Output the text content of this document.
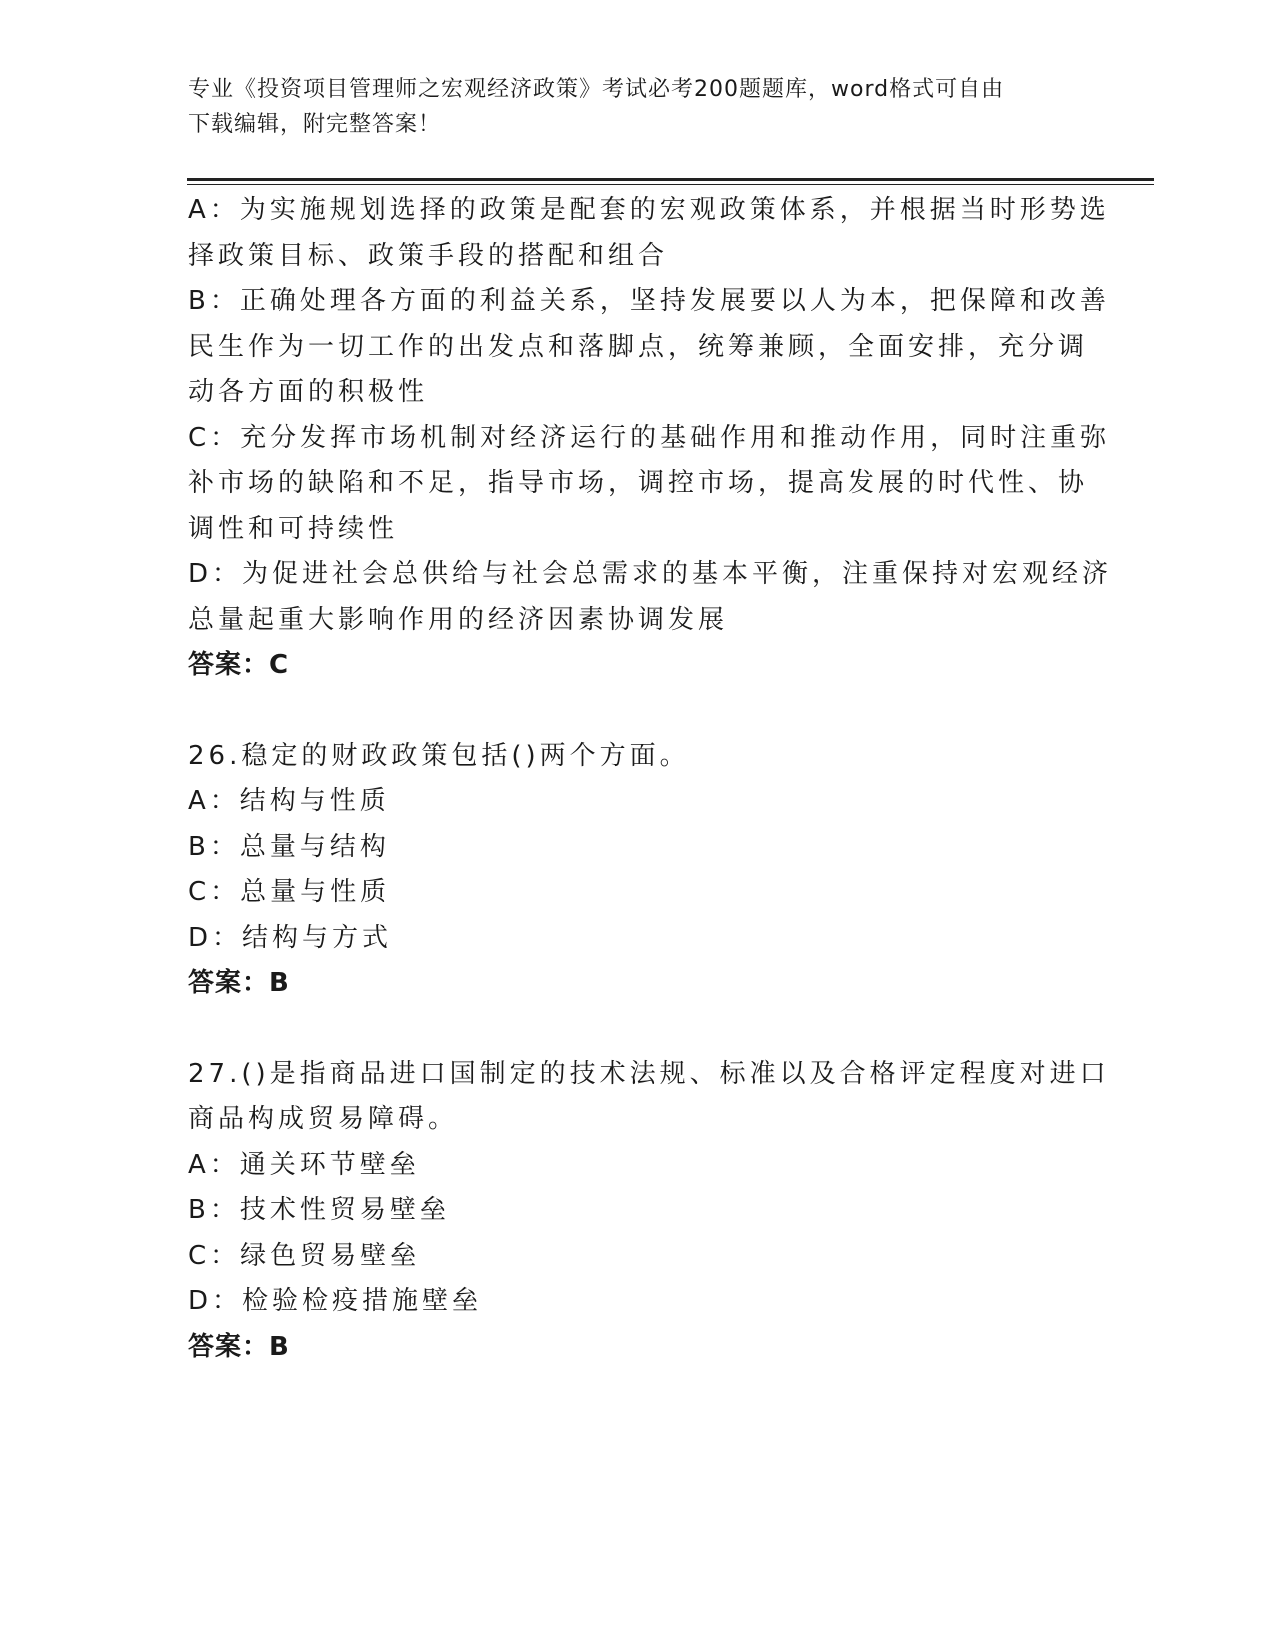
专业《投资项目管理师之宏观经济政策》考试必考200题题库，word格式可自由
下载编辑，附完整答案！
A：为实施规划选择的政策是配套的宏观政策体系，并根据当时形势选
择政策目标、政策手段的搭配和组合
B：正确处理各方面的利益关系，坚持发展要以人为本，把保障和改善
民生作为一切工作的出发点和落脚点，统筹兼顾，全面安排，充分调
动各方面的积极性
C：充分发挥市场机制对经济运行的基础作用和推动作用，同时注重弥
补市场的缺陷和不足，指导市场，调控市场，提高发展的时代性、协
调性和可持续性
D：为促进社会总供给与社会总需求的基本平衡，注重保持对宏观经济
总量起重大影响作用的经济因素协调发展
答案：C
26.稳定的财政政策包括()两个方面。
A：结构与性质
B：总量与结构
C：总量与性质
D：结构与方式
答案：B
27.()是指商品进口国制定的技术法规、标准以及合格评定程度对进口
商品构成贸易障碍。
A：通关环节壁垒
B：技术性贸易壁垒
C：绿色贸易壁垒
D：检验检疫措施壁垒
答案：B
